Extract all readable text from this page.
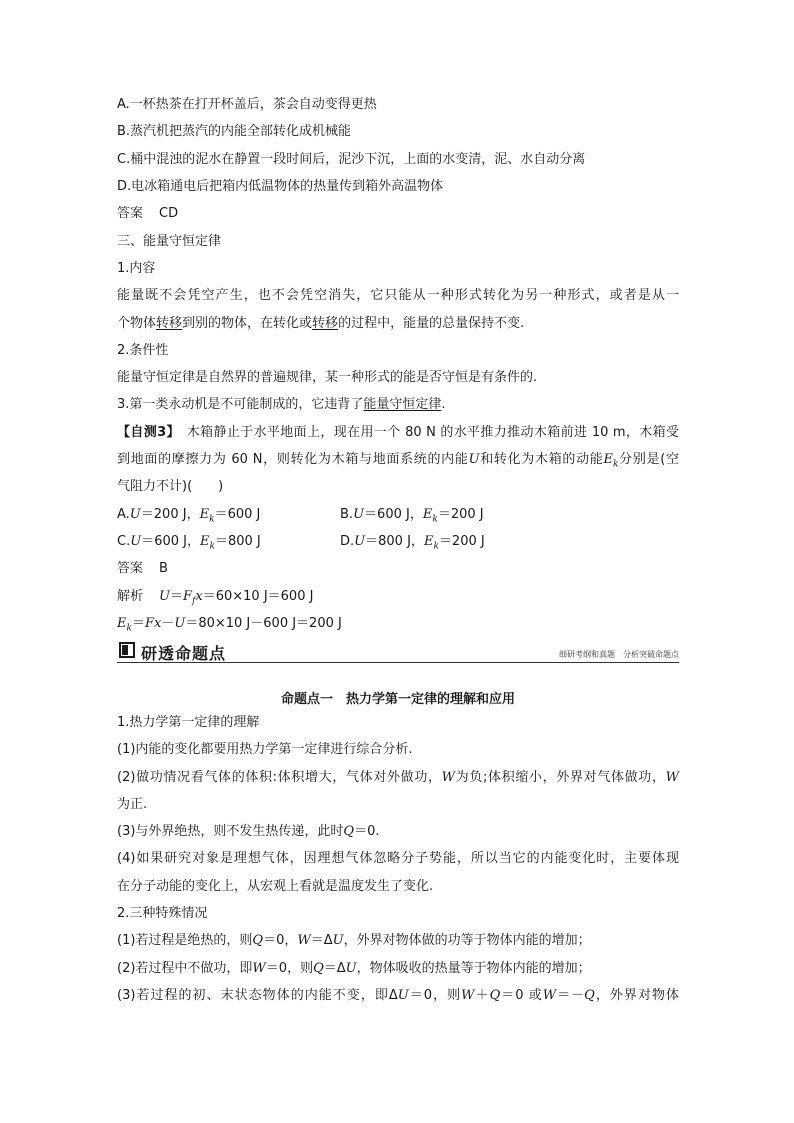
A.一杯热茶在打开杯盖后，茶会自动变得更热
B.蒸汽机把蒸汽的内能全部转化成机械能
C.桶中混浊的泥水在静置一段时间后，泥沙下沉，上面的水变清，泥、水自动分离
D.电冰箱通电后把箱内低温物体的热量传到箱外高温物体
答案 CD
三、能量守恒定律
1.内容
能量既不会凭空产生，也不会凭空消失，它只能从一种形式转化为另一种形式，或者是从一
个物体转移到别的物体，在转化或转移的过程中，能量的总量保持不变.
2.条件性
能量守恒定律是自然界的普遍规律，某一种形式的能是否守恒是有条件的.
3.第一类永动机是不可能制成的，它违背了能量守恒定律.
【自测3】　 木箱静止于水平地面上，现在用一个 80 N 的水平推力推动木箱前进 10 m，木箱受
到地面的摩擦力为 60 N，则转化为木箱与地面系统的内能U和转化为木箱的动能$E_k$分别是(空
气阻力不计)(　　)
A.U＝200 J，$E_k=600$ J	B.U＝600 J，$E_k=200$ J
C.U＝600 J，$E_k=800$ J	D.U＝800 J，$E_k=200$ J
答案 B
解析 $U=F_fx=60\times 10$ J＝600 J
$E_k=Fx-U=80\times 10$ J－600 J＝200 J
研透命题点	细研考纲和真题　分析突破命题点
命题点一　热力学第一定律的理解和应用
1.热力学第一定律的理解
(1)内能的变化都要用热力学第一定律进行综合分析.
(2)做功情况看气体的体积:体积增大，气体对外做功，W为负;体积缩小，外界对气体做功，W
为正.
(3)与外界绝热，则不发生热传递，此时Q＝0.
(4)如果研究对象是理想气体，因理想气体忽略分子势能，所以当它的内能变化时，主要体现
在分子动能的变化上，从宏观上看就是温度发生了变化.
2.三种特殊情况
(1)若过程是绝热的，则Q＝0，W＝ΔU，外界对物体做的功等于物体内能的增加；
(2)若过程中不做功，即W＝0，则Q＝ΔU，物体吸收的热量等于物体内能的增加；
(3)若过程的初、末状态物体的内能不变，即ΔU＝0，则W＋Q＝0 或W＝－Q，外界对物体
